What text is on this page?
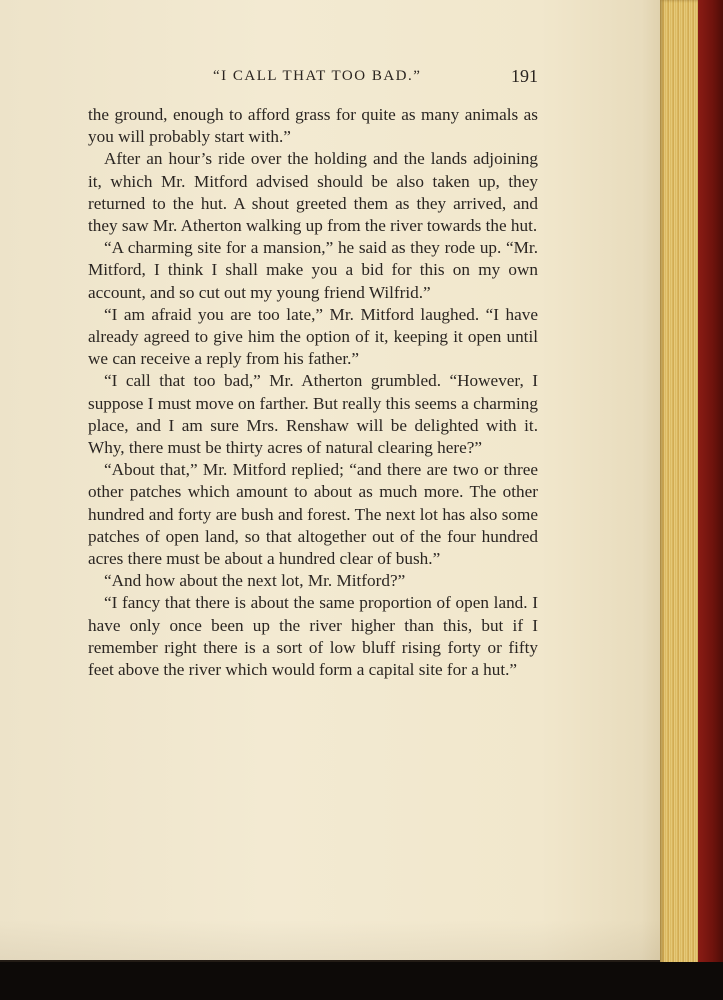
“I CALL THAT TOO BAD.”	191

the ground, enough to afford grass for quite as many animals as you will probably start with.”

After an hour’s ride over the holding and the lands adjoining it, which Mr. Mitford advised should be also taken up, they returned to the hut. A shout greeted them as they arrived, and they saw Mr. Atherton walking up from the river towards the hut.

“A charming site for a mansion,” he said as they rode up. “Mr. Mitford, I think I shall make you a bid for this on my own account, and so cut out my young friend Wilfrid.”

“I am afraid you are too late,” Mr. Mitford laughed. “I have already agreed to give him the option of it, keeping it open until we can receive a reply from his father.”

“I call that too bad,” Mr. Atherton grumbled. “However, I suppose I must move on farther. But really this seems a charming place, and I am sure Mrs. Renshaw will be delighted with it. Why, there must be thirty acres of natural clearing here?”

“About that,” Mr. Mitford replied; “and there are two or three other patches which amount to about as much more. The other hundred and forty are bush and forest. The next lot has also some patches of open land, so that altogether out of the four hundred acres there must be about a hundred clear of bush.”

“And how about the next lot, Mr. Mitford?”

“I fancy that there is about the same proportion of open land. I have only once been up the river higher than this, but if I remember right there is a sort of low bluff rising forty or fifty feet above the river which would form a capital site for a hut.”
